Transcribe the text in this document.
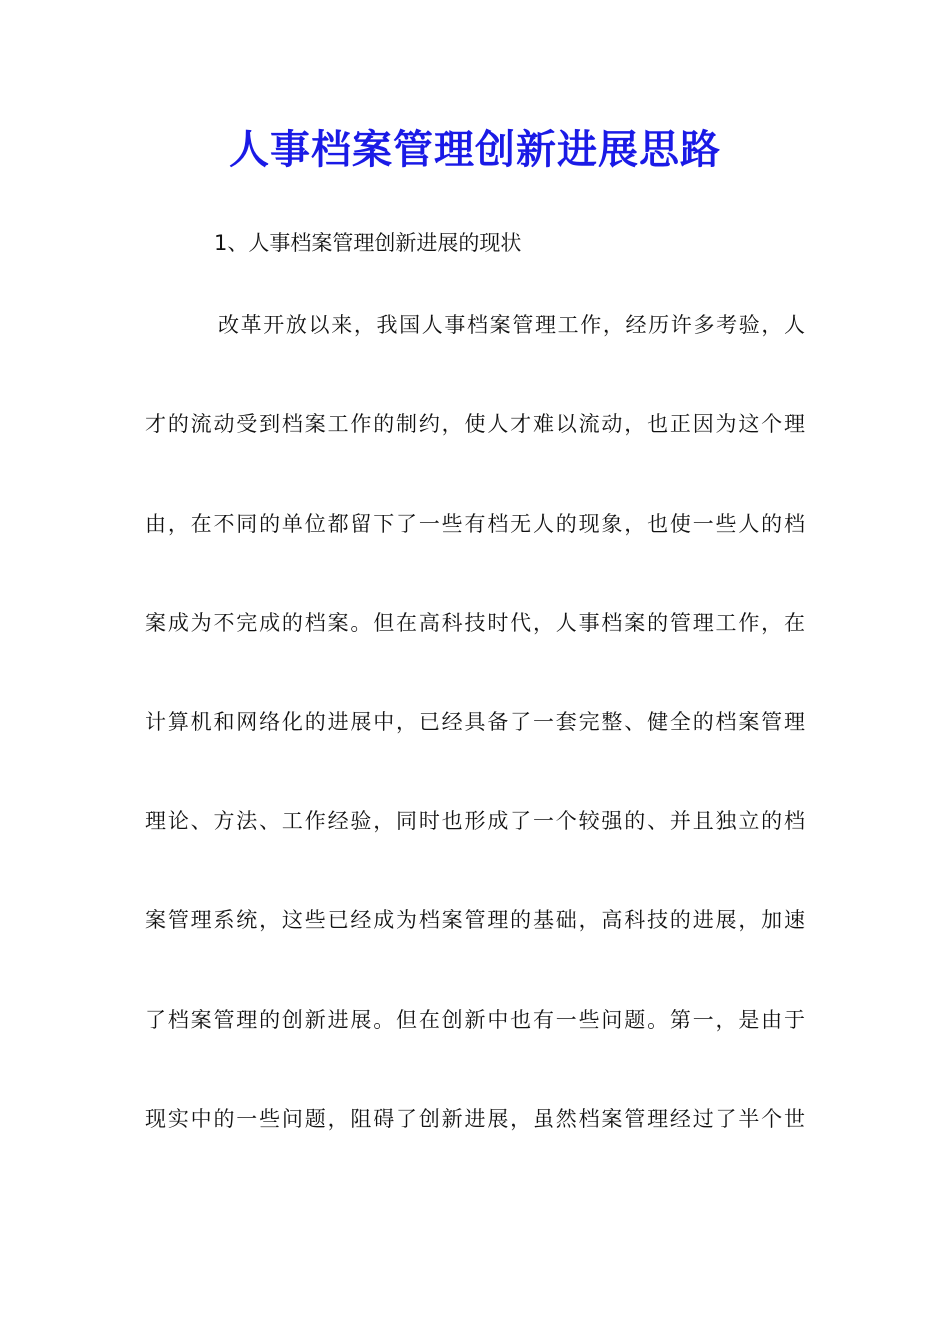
人事档案管理创新进展思路
1、人事档案管理创新进展的现状
改革开放以来，我国人事档案管理工作，经历许多考验，人
才的流动受到档案工作的制约，使人才难以流动，也正因为这个理
由，在不同的单位都留下了一些有档无人的现象，也使一些人的档
案成为不完成的档案。但在高科技时代，人事档案的管理工作，在
计算机和网络化的进展中，已经具备了一套完整、健全的档案管理
理论、方法、工作经验，同时也形成了一个较强的、并且独立的档
案管理系统，这些已经成为档案管理的基础，高科技的进展，加速
了档案管理的创新进展。但在创新中也有一些问题。第一，是由于
现实中的一些问题，阻碍了创新进展，虽然档案管理经过了半个世
